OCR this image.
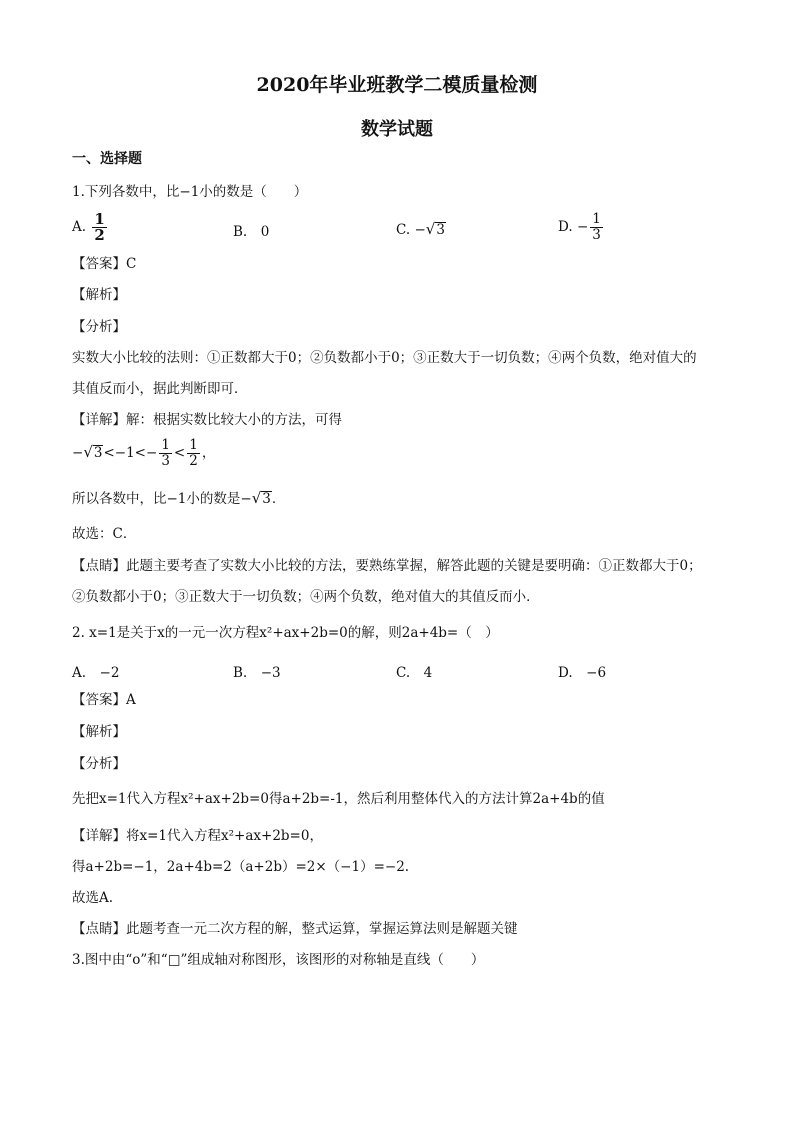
2020年毕业班教学二模质量检测
数学试题
一、选择题
1.下列各数中，比−1小的数是（　　）
A. $\frac{1}{2}$	B.　0	C. −√3	D. − $\frac{1}{3}$
【答案】C
【解析】
【分析】
实数大小比较的法则：①正数都大于0；②负数都小于0；③正数大于一切负数；④两个负数，绝对值大的
其值反而小，据此判断即可．
【详解】解：根据实数比较大小的方法，可得
$-√3<-1<- \frac{1}{3} < \frac{1}{2}$ ，
所以各数中，比−1小的数是−√3．
故选：C．
【点睛】此题主要考查了实数大小比较的方法，要熟练掌握，解答此题的关键是要明确：①正数都大于0；
②负数都小于0；③正数大于一切负数；④两个负数，绝对值大的其值反而小．
2. x=1是关于x的一元一次方程x²+ax+2b=0的解，则2a+4b=（　）
A.　−2	B.　−3	C.　4	D.　−6
【答案】A
【解析】
【分析】
先把x=1代入方程x²+ax+2b=0得a+2b=-1，然后利用整体代入的方法计算2a+4b的值
【详解】将x=1代入方程x²+ax+2b=0，
得a+2b=−1，2a+4b=2（a+2b）=2×（−1）=−2.
故选A.
【点睛】此题考查一元二次方程的解，整式运算，掌握运算法则是解题关键
3.图中由“o”和“□”组成轴对称图形，该图形的对称轴是直线（　　）
